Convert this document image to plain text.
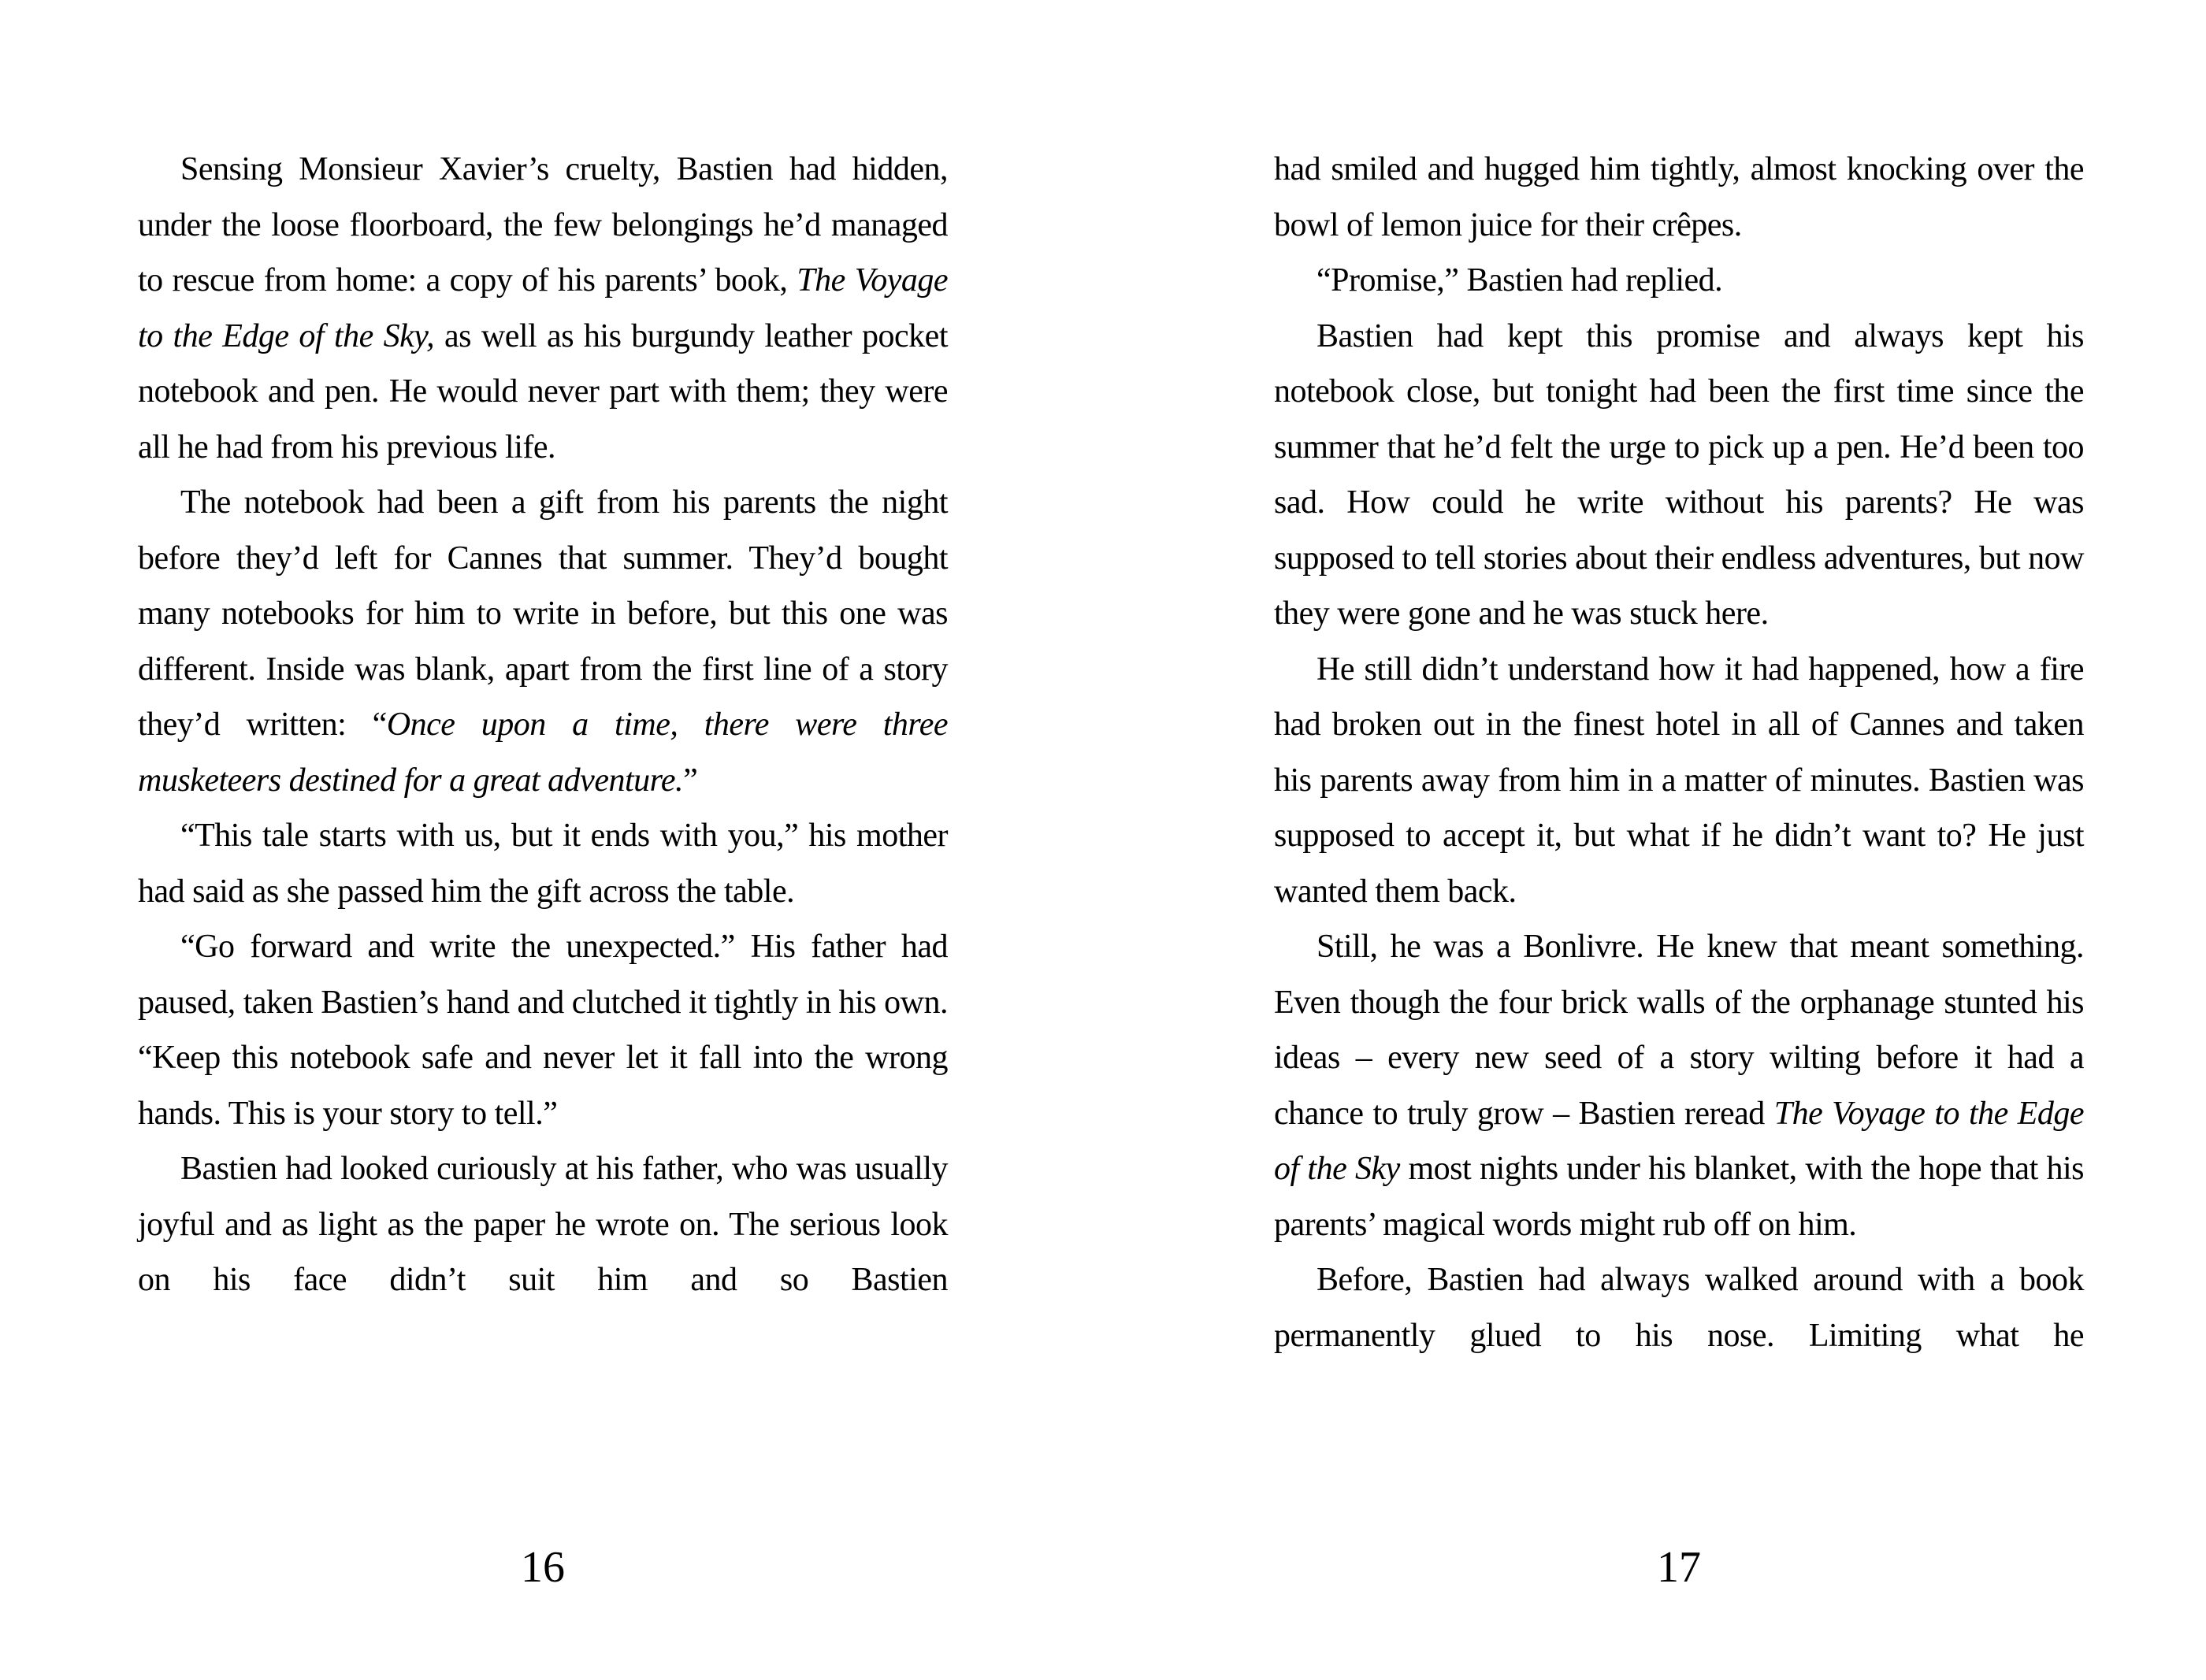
Sensing Monsieur Xavier’s cruelty, Bastien had hidden, under the loose floorboard, the few belongings he’d managed to rescue from home: a copy of his parents’ book, The Voyage to the Edge of the Sky, as well as his burgundy leather pocket notebook and pen. He would never part with them; they were all he had from his previous life.

The notebook had been a gift from his parents the night before they’d left for Cannes that summer. They’d bought many notebooks for him to write in before, but this one was different. Inside was blank, apart from the first line of a story they’d written: “Once upon a time, there were three musketeers destined for a great adventure.”

“This tale starts with us, but it ends with you,” his mother had said as she passed him the gift across the table.

“Go forward and write the unexpected.” His father had paused, taken Bastien’s hand and clutched it tightly in his own. “Keep this notebook safe and never let it fall into the wrong hands. This is your story to tell.”

Bastien had looked curiously at his father, who was usually joyful and as light as the paper he wrote on. The serious look on his face didn’t suit him and so Bastien

16

had smiled and hugged him tightly, almost knocking over the bowl of lemon juice for their crêpes.

“Promise,” Bastien had replied.

Bastien had kept this promise and always kept his notebook close, but tonight had been the first time since the summer that he’d felt the urge to pick up a pen. He’d been too sad. How could he write without his parents? He was supposed to tell stories about their endless adventures, but now they were gone and he was stuck here.

He still didn’t understand how it had happened, how a fire had broken out in the finest hotel in all of Cannes and taken his parents away from him in a matter of minutes. Bastien was supposed to accept it, but what if he didn’t want to? He just wanted them back.

Still, he was a Bonlivre. He knew that meant something. Even though the four brick walls of the orphanage stunted his ideas – every new seed of a story wilting before it had a chance to truly grow – Bastien reread The Voyage to the Edge of the Sky most nights under his blanket, with the hope that his parents’ magical words might rub off on him.

Before, Bastien had always walked around with a book permanently glued to his nose. Limiting what he

17
